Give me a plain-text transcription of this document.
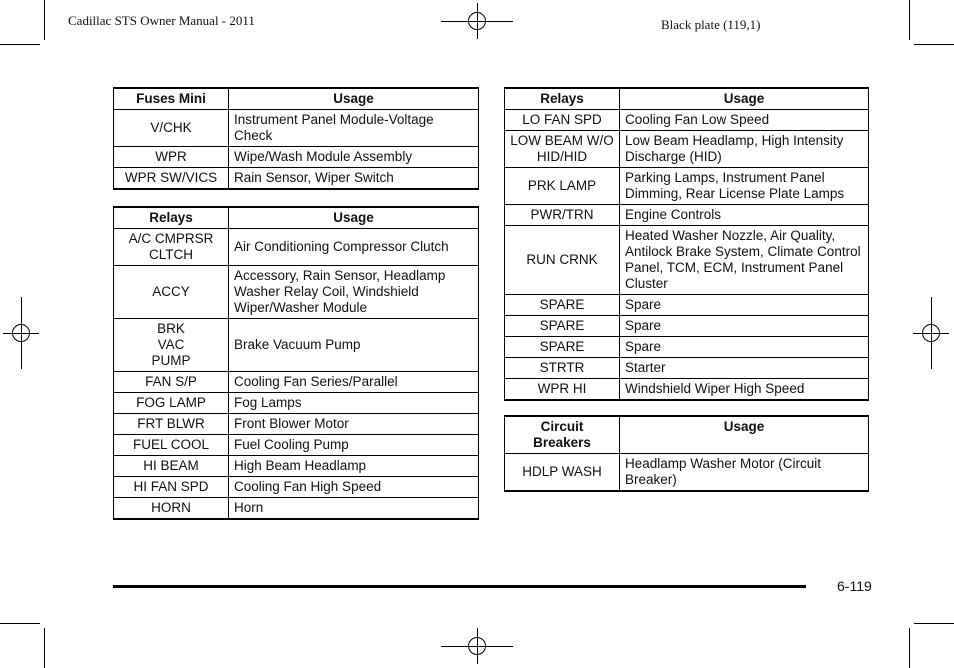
Cadillac STS Owner Manual - 2011	Black plate (119,1)
Fuses Mini	Usage
V/CHK	Instrument Panel Module-Voltage Check
WPR	Wipe/Wash Module Assembly
WPR SW/VICS	Rain Sensor, Wiper Switch
Relays	Usage
A/C CMPRSR CLTCH	Air Conditioning Compressor Clutch
ACCY	Accessory, Rain Sensor, Headlamp Washer Relay Coil, Windshield Wiper/Washer Module
BRK VAC PUMP	Brake Vacuum Pump
FAN S/P	Cooling Fan Series/Parallel
FOG LAMP	Fog Lamps
FRT BLWR	Front Blower Motor
FUEL COOL	Fuel Cooling Pump
HI BEAM	High Beam Headlamp
HI FAN SPD	Cooling Fan High Speed
HORN	Horn
Relays	Usage
LO FAN SPD	Cooling Fan Low Speed
LOW BEAM W/O HID/HID	Low Beam Headlamp, High Intensity Discharge (HID)
PRK LAMP	Parking Lamps, Instrument Panel Dimming, Rear License Plate Lamps
PWR/TRN	Engine Controls
RUN CRNK	Heated Washer Nozzle, Air Quality, Antilock Brake System, Climate Control Panel, TCM, ECM, Instrument Panel Cluster
SPARE	Spare
SPARE	Spare
SPARE	Spare
STRTR	Starter
WPR HI	Windshield Wiper High Speed
Circuit Breakers	Usage
HDLP WASH	Headlamp Washer Motor (Circuit Breaker)
6-119
